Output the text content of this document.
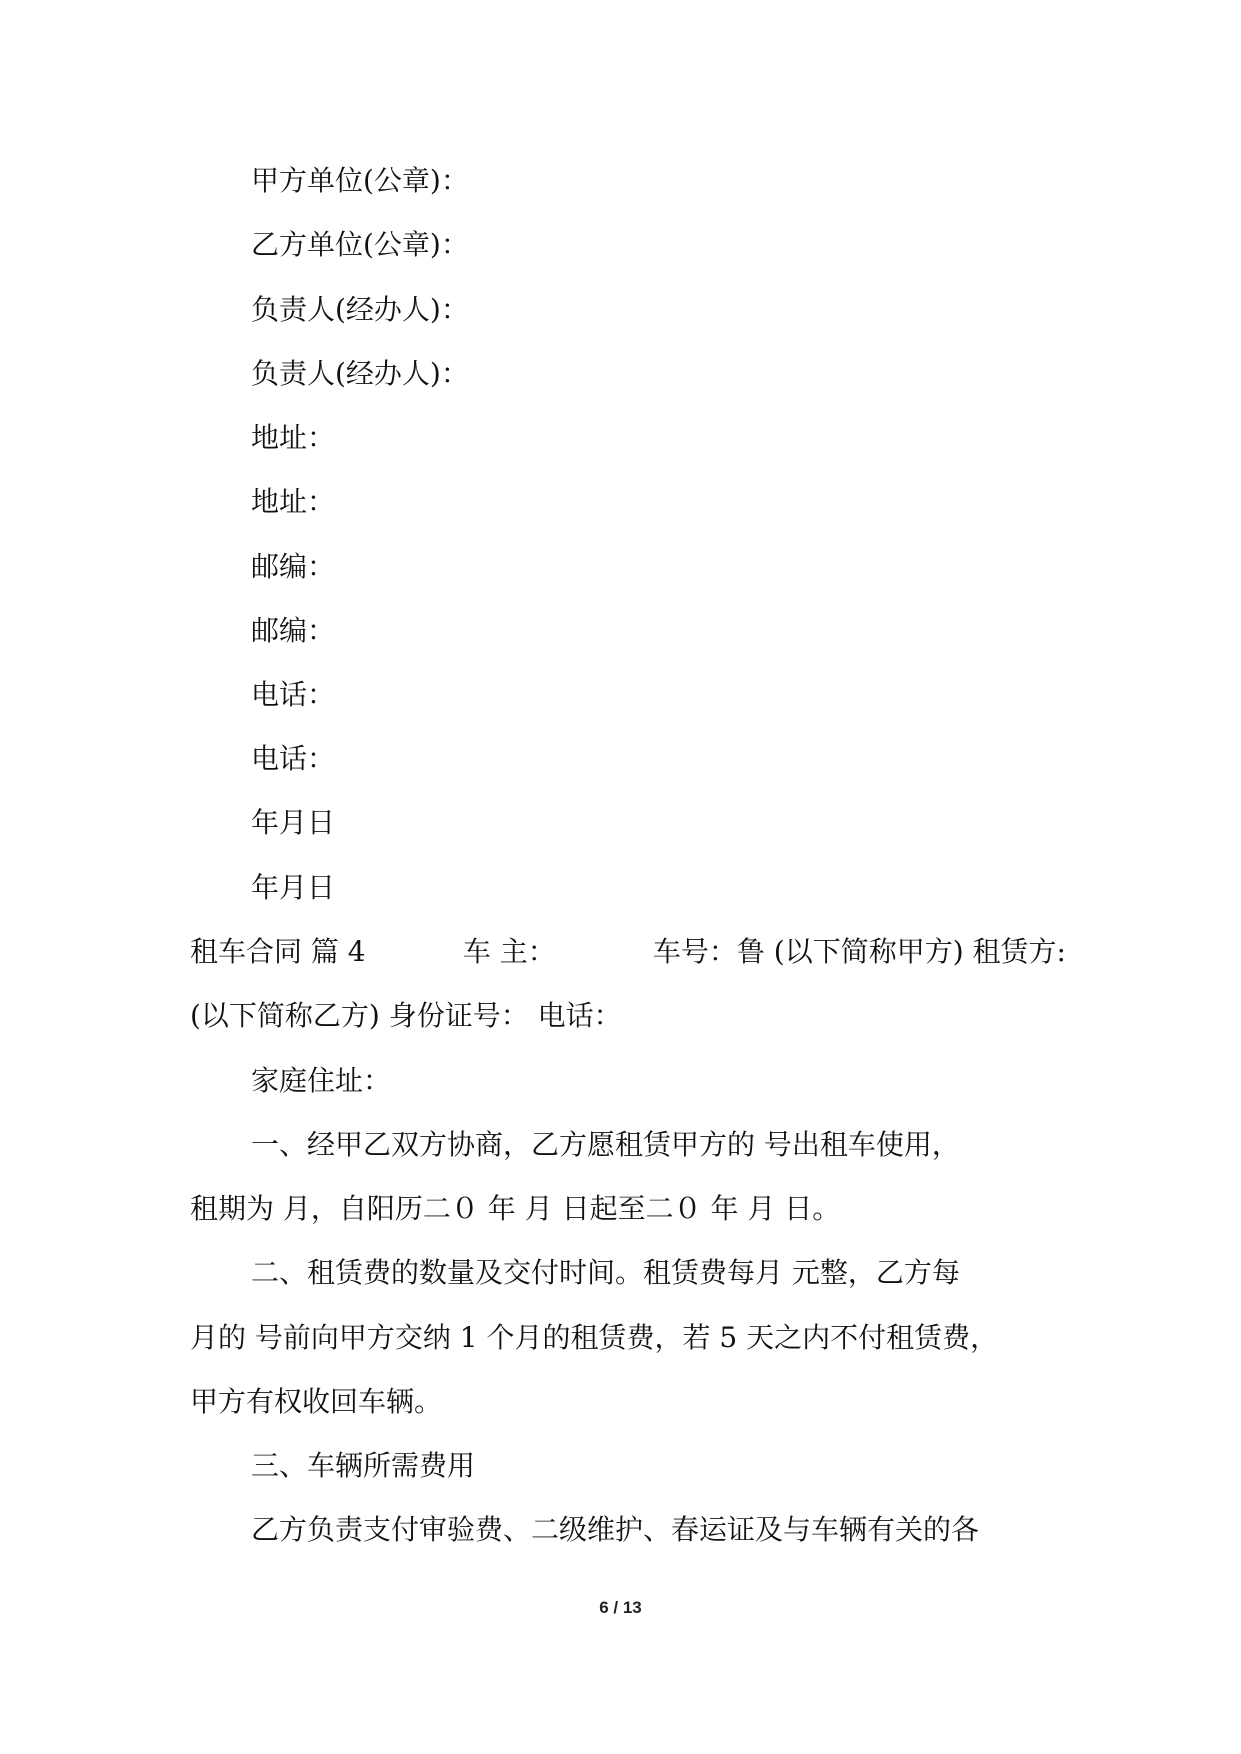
甲方单位(公章)：
乙方单位(公章)：
负责人(经办人)：
负责人(经办人)：
地址：
地址：
邮编：
邮编：
电话：
电话：
年月日
年月日
租车合同 篇 4	车 主：	车号：鲁 (以下简称甲方) 租赁方:
(以下简称乙方) 身份证号： 电话：
家庭住址：
一、经甲乙双方协商，乙方愿租赁甲方的 号出租车使用，
租期为 月，自阳历二０ 年 月 日起至二０ 年 月 日。
二、租赁费的数量及交付时间。租赁费每月 元整，乙方每
月的 号前向甲方交纳 1 个月的租赁费，若 5 天之内不付租赁费，
甲方有权收回车辆。
三、车辆所需费用
乙方负责支付审验费、二级维护、春运证及与车辆有关的各
6 / 13
